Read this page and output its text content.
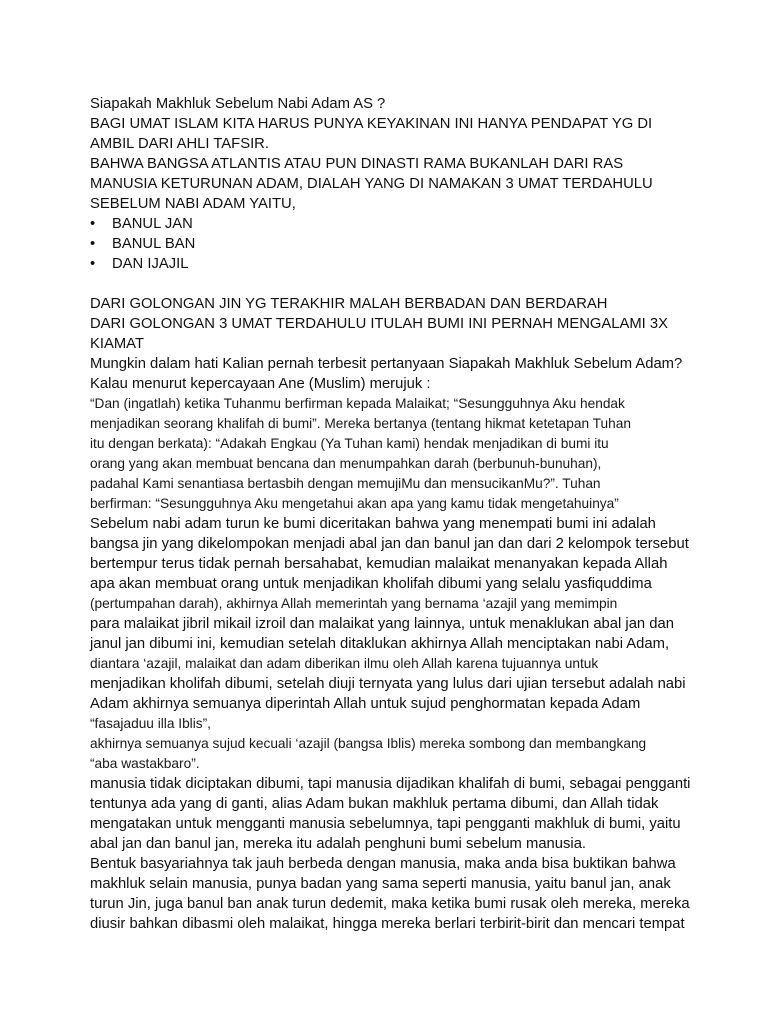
Siapakah Makhluk Sebelum Nabi Adam AS ?
BAGI UMAT ISLAM KITA HARUS PUNYA KEYAKINAN INI HANYA PENDAPAT YG DI
AMBIL DARI AHLI TAFSIR.
BAHWA BANGSA ATLANTIS ATAU PUN DINASTI RAMA BUKANLAH DARI RAS
MANUSIA KETURUNAN ADAM, DIALAH YANG DI NAMAKAN 3 UMAT TERDAHULU
SEBELUM NABI ADAM YAITU,
• BANUL JAN
• BANUL BAN
• DAN IJAJIL
DARI GOLONGAN JIN YG TERAKHIR MALAH BERBADAN DAN BERDARAH
DARI GOLONGAN 3 UMAT TERDAHULU ITULAH BUMI INI PERNAH MENGALAMI 3X
KIAMAT
Mungkin dalam hati Kalian pernah terbesit pertanyaan Siapakah Makhluk Sebelum Adam?
Kalau menurut kepercayaan Ane (Muslim) merujuk :
“Dan (ingatlah) ketika Tuhanmu berfirman kepada Malaikat; “Sesungguhnya Aku hendak
menjadikan seorang khalifah di bumi”. Mereka bertanya (tentang hikmat ketetapan Tuhan
itu dengan berkata): “Adakah Engkau (Ya Tuhan kami) hendak menjadikan di bumi itu
orang yang akan membuat bencana dan menumpahkan darah (berbunuh-bunuhan),
padahal Kami senantiasa bertasbih dengan memujiMu dan mensucikanMu?”. Tuhan
berfirman: “Sesungguhnya Aku mengetahui akan apa yang kamu tidak mengetahuinya”
Sebelum nabi adam turun ke bumi diceritakan bahwa yang menempati bumi ini adalah
bangsa jin yang dikelompokan menjadi abal jan dan banul jan dan dari 2 kelompok tersebut
bertempur terus tidak pernah bersahabat, kemudian malaikat menanyakan kepada Allah
apa akan membuat orang untuk menjadikan kholifah dibumi yang selalu yasfiquddima
(pertumpahan darah), akhirnya Allah memerintah yang bernama ‘azajil yang memimpin
para malaikat jibril mikail izroil dan malaikat yang lainnya, untuk menaklukan abal jan dan
janul jan dibumi ini, kemudian setelah ditaklukan akhirnya Allah menciptakan nabi Adam,
diantara ‘azajil, malaikat dan adam diberikan ilmu oleh Allah karena tujuannya untuk
menjadikan kholifah dibumi, setelah diuji ternyata yang lulus dari ujian tersebut adalah nabi
Adam akhirnya semuanya diperintah Allah untuk sujud penghormatan kepada Adam
“fasajaduu illa Iblis”,
akhirnya semuanya sujud kecuali ‘azajil (bangsa Iblis) mereka sombong dan membangkang
“aba wastakbaro”.
manusia tidak diciptakan dibumi, tapi manusia dijadikan khalifah di bumi, sebagai pengganti
tentunya ada yang di ganti, alias Adam bukan makhluk pertama dibumi, dan Allah tidak
mengatakan untuk mengganti manusia sebelumnya, tapi pengganti makhluk di bumi, yaitu
abal jan dan banul jan, mereka itu adalah penghuni bumi sebelum manusia.
Bentuk basyariahnya tak jauh berbeda dengan manusia, maka anda bisa buktikan bahwa
makhluk selain manusia, punya badan yang sama seperti manusia, yaitu banul jan, anak
turun Jin, juga banul ban anak turun dedemit, maka ketika bumi rusak oleh mereka, mereka
diusir bahkan dibasmi oleh malaikat, hingga mereka berlari terbirit-birit dan mencari tempat
